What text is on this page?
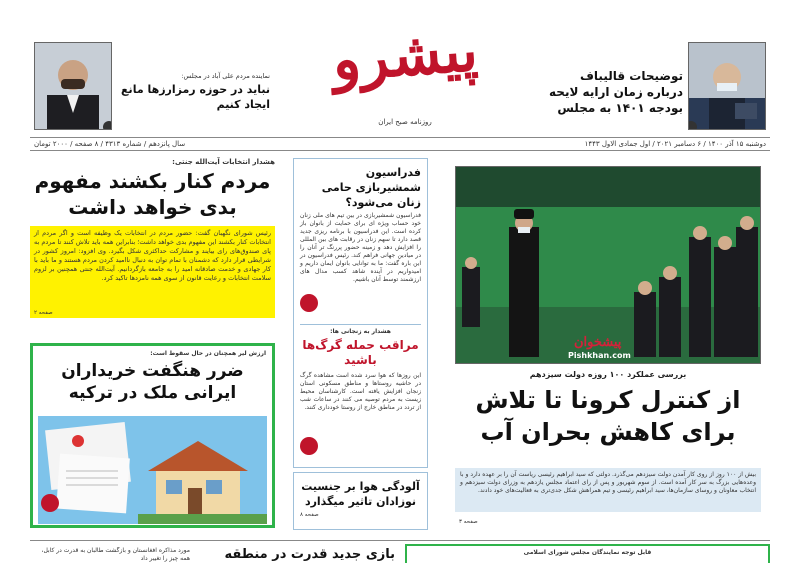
توضیحات قالیباف درباره زمان ارایه لایحه بودجه ۱۴۰۱ به مجلس
پیشرو
روزنامه صبح ایران
نماینده مردم علی آباد در مجلس:
نباید در حوزه رمزارزها مانع ایجاد کنیم
دوشنبه ۱۵ آذر ۱۴۰۰ / ۶ دسامبر ۲۰۲۱ / اول جمادی الاول ۱۴۴۳
سال پانزدهم / شماره ۴۳۱۳ / ۸ صفحه / ۲۰۰۰ تومان
هشدار انتخابات آیت‌الله جنتی:
مردم کنار بکشند مفهوم بدی خواهد داشت
رئیس شورای نگهبان گفت: حضور مردم در انتخابات یک وظیفه است و اگر مردم از انتخابات کنار بکشند این مفهوم بدی خواهد داشت؛ بنابراین همه باید تلاش کنند تا مردم به پای صندوق‌های رای بیایند و مشارکت حداکثری شکل بگیرد. وی افزود: امروز کشور در شرایطی قرار دارد که دشمنان با تمام توان به دنبال ناامید کردن مردم هستند و ما باید با کار جهادی و خدمت صادقانه امید را به جامعه بازگردانیم. آیت‌الله جنتی همچنین بر لزوم سلامت انتخابات و رعایت قانون از سوی همه نامزدها تاکید کرد.
صفحه ۲
ارزش لیر همچنان در حال سقوط است:
ضرر هنگفت خریداران ایرانی ملک در ترکیه
فدراسیون شمشیربازی حامی زنان می‌شود؟
فدراسیون شمشیربازی در بین تیم های ملی زنان خود حساب ویژه ای برای حمایت از بانوان باز کرده است. این فدراسیون با برنامه ریزی جدید قصد دارد تا سهم زنان در رقابت های بین المللی را افزایش دهد و زمینه حضور پررنگ تر آنان را در میادین جهانی فراهم کند. رئیس فدراسیون در این باره گفت: ما به توانایی بانوان ایمان داریم و امیدواریم در آینده شاهد کسب مدال های ارزشمند توسط آنان باشیم.
هشدار به زنجانی ها:
مراقب حمله گرگ‌ها باشید
این روزها که هوا سرد شده است مشاهده گرگ در حاشیه روستاها و مناطق مسکونی استان زنجان افزایش یافته است. کارشناسان محیط زیست به مردم توصیه می کنند در ساعات شب از تردد در مناطق خارج از روستا خودداری کنند.
آلودگی هوا بر جنسیت نوزادان تاثیر میگذارد
صفحه ۸
پیشخوان
Pishkhan.com
بررسی عملکرد ۱۰۰ روزه دولت سیزدهم
از کنترل کرونا تا تلاش برای کاهش بحران آب
بیش از ۱۰۰ روز از روی کار آمدن دولت سیزدهم می‌گذرد. دولتی که سید ابراهیم رئیسی ریاست آن را بر عهده دارد و با وعده‌هایی بزرگ به سر کار آمده است. از سوم شهریور و پس از رای اعتماد مجلس یازدهم به وزرای دولت سیزدهم و انتخاب معاونان و روسای سازمان‌ها، سید ابراهیم رئیسی و تیم همراهش شکل جدی‌تری به فعالیت‌های خود دادند.
صفحه ۳
مورد مذاکره افغانستان و بازگشت طالبان به قدرت در کابل، همه چیز را تغییر داد	بازی جدید قدرت در منطقه	قابل توجه نمایندگان مجلس شورای اسلامی
